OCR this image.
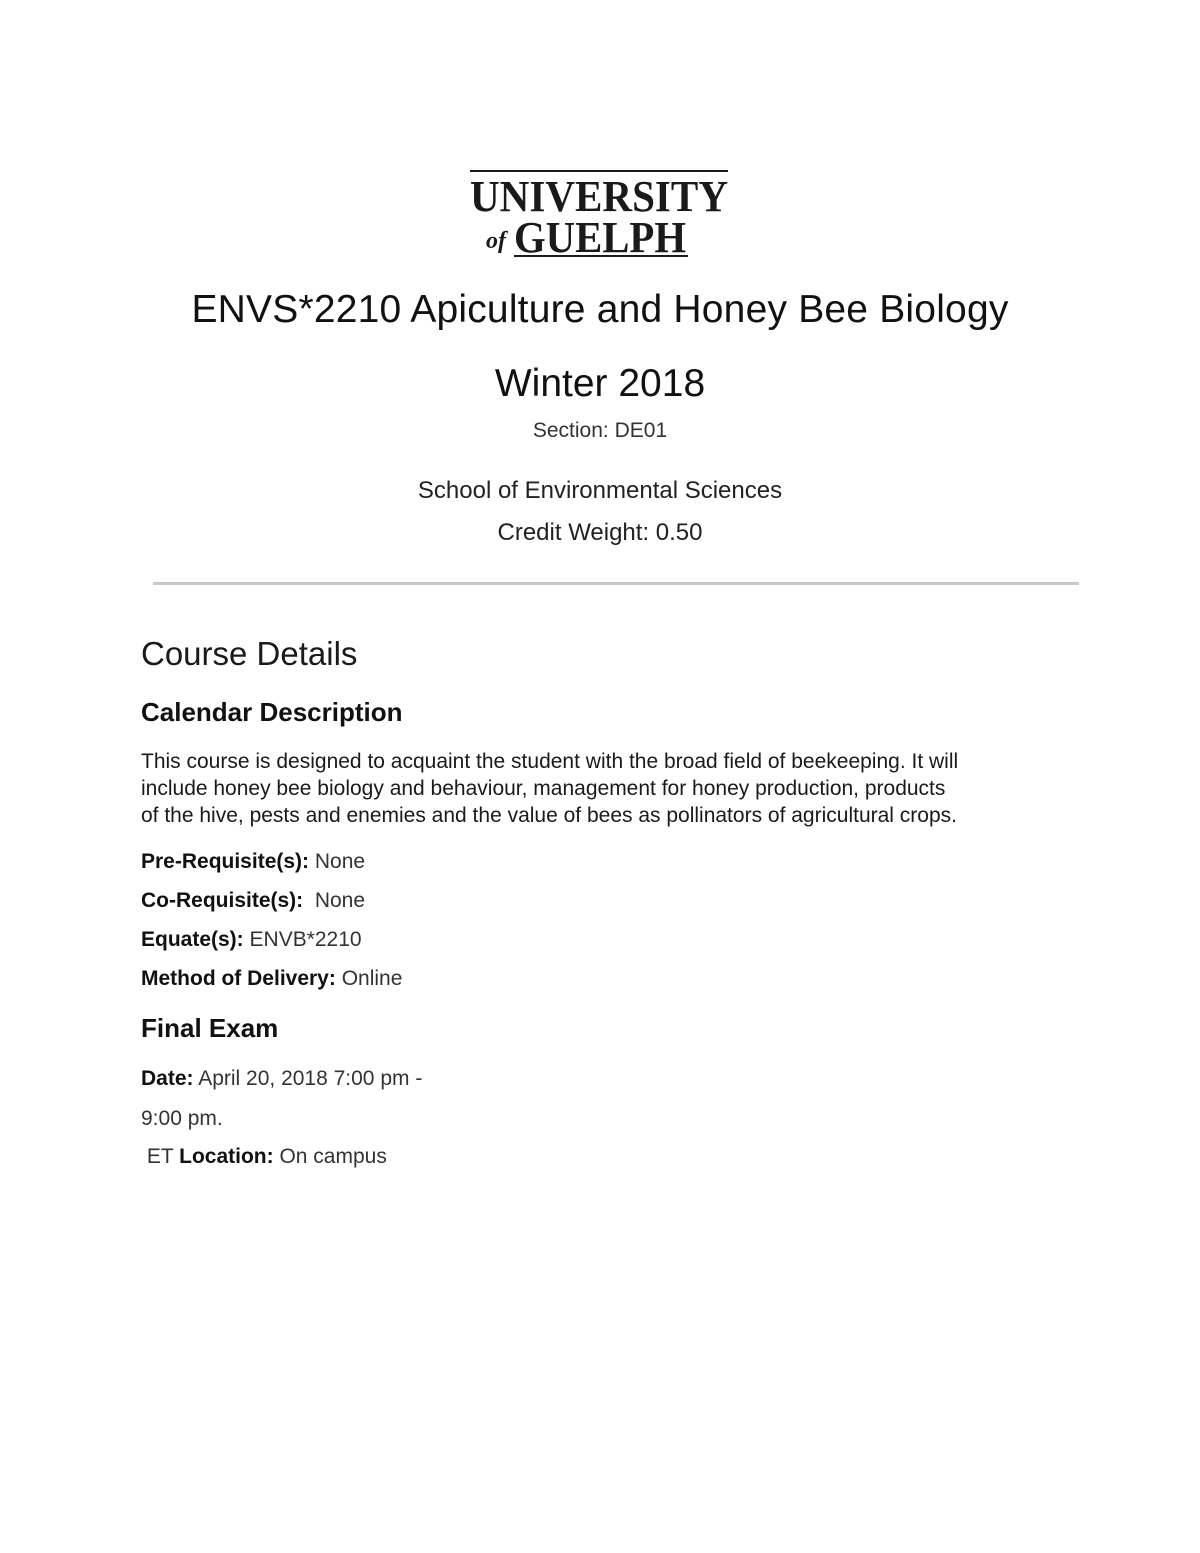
UNIVERSITY
of GUELPH
ENVS*2210 Apiculture and Honey Bee Biology
Winter 2018
Section: DE01
School of Environmental Sciences
Credit Weight: 0.50
Course Details
Calendar Description

This course is designed to acquaint the student with the broad field of beekeeping. It will

include honey bee biology and behaviour, management for honey production, products

of the hive, pests and enemies and the value of bees as pollinators of agricultural crops.

Pre-Requisite(s): None

Co-Requisite(s):  None

Equate(s): ENVB*2210

Method of Delivery: Online

Final Exam

Date: April 20, 2018 7:00 pm -

9:00 pm.

ET Location: On campus
